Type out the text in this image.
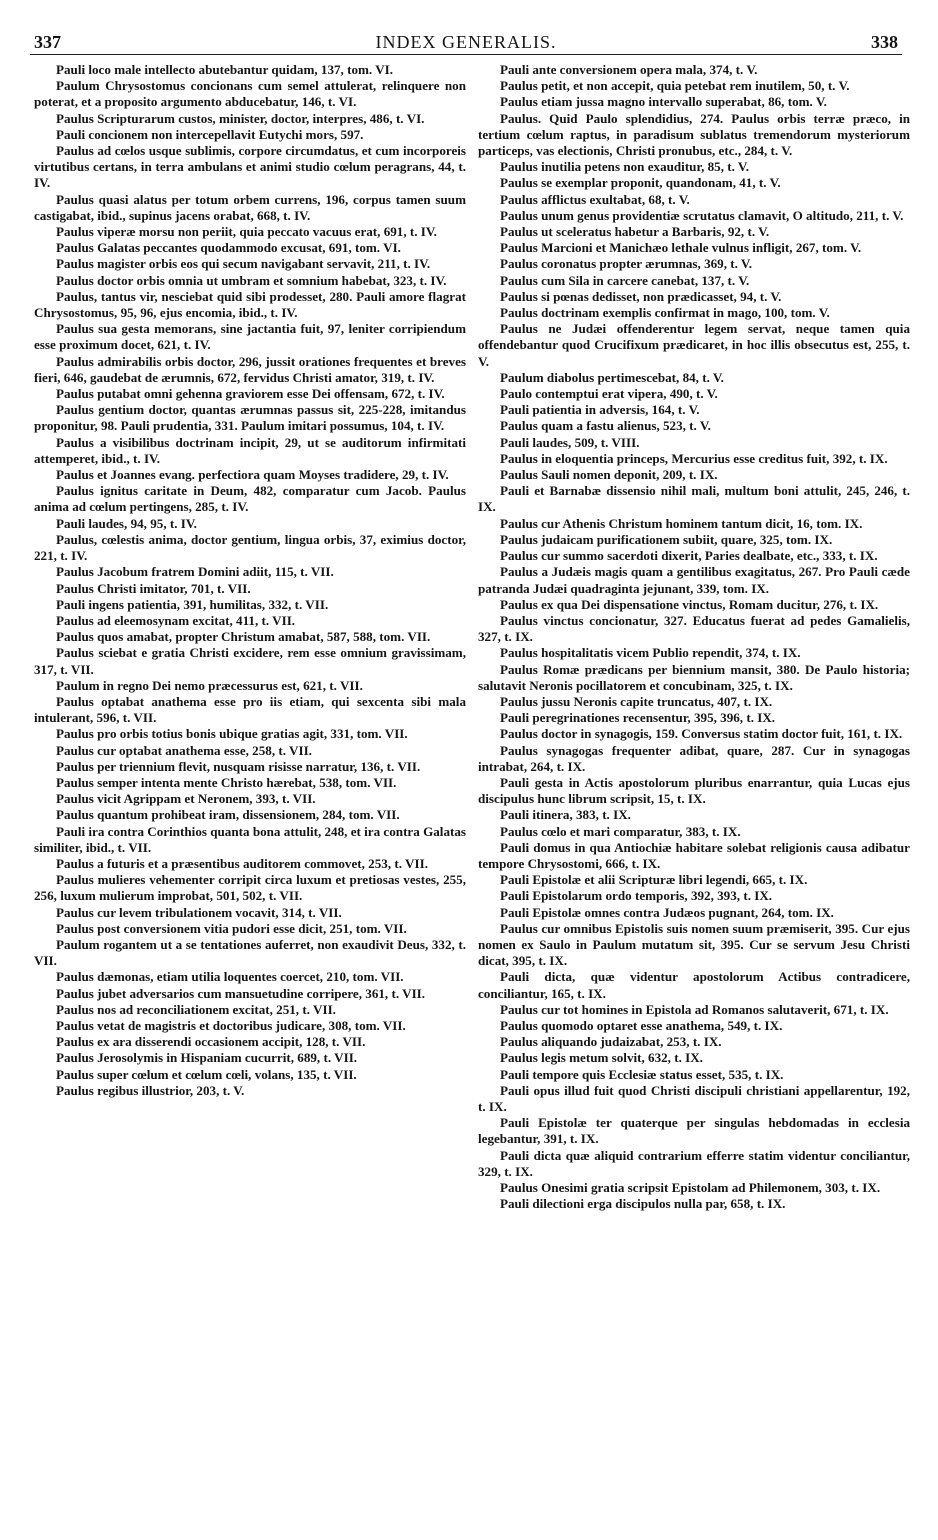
337	INDEX GENERALIS.	338

Pauli loco male intellecto abutebantur quidam, 137, tom. VI.

Paulum Chrysostomus concionans cum semel attulerat, relinquere non poterat, et a proposito argumento abducebatur, 146, t. VI.

Paulus Scripturarum custos, minister, doctor, interpres, 486, t. VI.

Pauli concionem non intercepellavit Eutychi mors, 597.

Paulus ad cœlos usque sublimis, corpore circumdatus, et cum incorporeis virtutibus certans, in terra ambulans et animi studio cœlum peragrans, 44, t. IV.

Paulus quasi alatus per totum orbem currens, 196, corpus tamen suum castigabat, ibid., supinus jacens orabat, 668, t. IV.

Paulus viperæ morsu non periit, quia peccato vacuus erat, 691, t. IV.

Paulus Galatas peccantes quodammodo excusat, 691, tom. VI.

Paulus magister orbis eos qui secum navigabant servavit, 211, t. IV.

Paulus doctor orbis omnia ut umbram et somnium habebat, 323, t. IV.

Paulus, tantus vir, nesciebat quid sibi prodesset, 280. Pauli amore flagrat Chrysostomus, 95, 96, ejus encomia, ibid., t. IV.

Paulus sua gesta memorans, sine jactantia fuit, 97, leniter corripiendum esse proximum docet, 621, t. IV.

Paulus admirabilis orbis doctor, 296, jussit orationes frequentes et breves fieri, 646, gaudebat de ærumnis, 672, fervidus Christi amator, 319, t. IV.

Paulus putabat omni gehenna graviorem esse Dei offensam, 672, t. IV.

Paulus gentium doctor, quantas ærumnas passus sit, 225-228, imitandus proponitur, 98. Pauli prudentia, 331. Paulum imitari possumus, 104, t. IV.

Paulus a visibilibus doctrinam incipit, 29, ut se auditorum infirmitati attemperet, ibid., t. IV.

Paulus et Joannes evang. perfectiora quam Moyses tradidere, 29, t. IV.

Paulus ignitus caritate in Deum, 482, comparatur cum Jacob. Paulus anima ad cœlum pertingens, 285, t. IV.

Pauli laudes, 94, 95, t. IV.

Paulus, cœlestis anima, doctor gentium, lingua orbis, 37, eximius doctor, 221, t. IV.

Paulus Jacobum fratrem Domini adiit, 115, t. VII.

Paulus Christi imitator, 701, t. VII.

Pauli ingens patientia, 391, humilitas, 332, t. VII.

Paulus ad eleemosynam excitat, 411, t. VII.

Paulus quos amabat, propter Christum amabat, 587, 588, tom. VII.

Paulus sciebat e gratia Christi excidere, rem esse omnium gravissimam, 317, t. VII.

Paulum in regno Dei nemo præcessurus est, 621, t. VII.

Paulus optabat anathema esse pro iis etiam, qui sexcenta sibi mala intulerant, 596, t. VII.

Paulus pro orbis totius bonis ubique gratias agit, 331, tom. VII.

Paulus cur optabat anathema esse, 258, t. VII.

Paulus per triennium flevit, nusquam risisse narratur, 136, t. VII.

Paulus semper intenta mente Christo hærebat, 538, tom. VII.

Paulus vicit Agrippam et Neronem, 393, t. VII.

Paulus quantum prohibeat iram, dissensionem, 284, tom. VII.

Pauli ira contra Corinthios quanta bona attulit, 248, et ira contra Galatas similiter, ibid., t. VII.

Paulus a futuris et a præsentibus auditorem commovet, 253, t. VII.

Paulus mulieres vehementer corripit circa luxum et pretiosas vestes, 255, 256, luxum mulierum improbat, 501, 502, t. VII.

Paulus cur levem tribulationem vocavit, 314, t. VII.

Paulus post conversionem vitia pudori esse dicit, 251, tom. VII.

Paulum rogantem ut a se tentationes auferret, non exaudivit Deus, 332, t. VII.

Paulus dæmonas, etiam utilia loquentes coercet, 210, tom. VII.

Paulus jubet adversarios cum mansuetudine corripere, 361, t. VII.

Paulus nos ad reconciliationem excitat, 251, t. VII.

Paulus vetat de magistris et doctoribus judicare, 308, tom. VII.

Paulus ex ara disserendi occasionem accipit, 128, t. VII.

Paulus Jerosolymis in Hispaniam cucurrit, 689, t. VII.

Paulus super cœlum et cœlum cœli, volans, 135, t. VII.

Paulus regibus illustrior, 203, t. V.

Pauli ante conversionem opera mala, 374, t. V.

Paulus petit, et non accepit, quia petebat rem inutilem, 50, t. V.

Paulus etiam jussa magno intervallo superabat, 86, tom. V.

Paulus. Quid Paulo splendidius, 274. Paulus orbis terræ præco, in tertium cœlum raptus, in paradisum sublatus tremendorum mysteriorum particeps, vas electionis, Christi pronubus, etc., 284, t. V.

Paulus inutilia petens non exauditur, 85, t. V.

Paulus se exemplar proponit, quandonam, 41, t. V.

Paulus afflictus exultabat, 68, t. V.

Paulus unum genus providentiæ scrutatus clamavit, O altitudo, 211, t. V.

Paulus ut sceleratus habetur a Barbaris, 92, t. V.

Paulus Marcioni et Manichæo lethale vulnus infligit, 267, tom. V.

Paulus coronatus propter ærumnas, 369, t. V.

Paulus cum Sila in carcere canebat, 137, t. V.

Paulus si pœnas dedisset, non prædicasset, 94, t. V.

Paulus doctrinam exemplis confirmat in mago, 100, tom. V.

Paulus ne Judæi offenderentur legem servat, neque tamen quia offendebantur quod Crucifixum prædicaret, in hoc illis obsecutus est, 255, t. V.

Paulum diabolus pertimescebat, 84, t. V.

Paulo contemptui erat vipera, 490, t. V.

Pauli patientia in adversis, 164, t. V.

Paulus quam a fastu alienus, 523, t. V.

Pauli laudes, 509, t. VIII.

Paulus in eloquentia princeps, Mercurius esse creditus fuit, 392, t. IX.

Paulus Sauli nomen deponit, 209, t. IX.

Pauli et Barnabæ dissensio nihil mali, multum boni attulit, 245, 246, t. IX.

Paulus cur Athenis Christum hominem tantum dicit, 16, tom. IX.

Paulus judaicam purificationem subiit, quare, 325, tom. IX.

Paulus cur summo sacerdoti dixerit, Paries dealbate, etc., 333, t. IX.

Paulus a Judæis magis quam a gentilibus exagitatus, 267. Pro Pauli cæde patranda Judæi quadraginta jejunant, 339, tom. IX.

Paulus ex qua Dei dispensatione vinctus, Romam ducitur, 276, t. IX.

Paulus vinctus concionatur, 327. Educatus fuerat ad pedes Gamalielis, 327, t. IX.

Paulus hospitalitatis vicem Publio rependit, 374, t. IX.

Paulus Romæ prædicans per biennium mansit, 380. De Paulo historia; salutavit Neronis pocillatorem et concubinam, 325, t. IX.

Paulus jussu Neronis capite truncatus, 407, t. IX.

Pauli peregrinationes recensentur, 395, 396, t. IX.

Paulus doctor in synagogis, 159. Conversus statim doctor fuit, 161, t. IX.

Paulus synagogas frequenter adibat, quare, 287. Cur in synagogas intrabat, 264, t. IX.

Pauli gesta in Actis apostolorum pluribus enarrantur, quia Lucas ejus discipulus hunc librum scripsit, 15, t. IX.

Pauli itinera, 383, t. IX.

Paulus cœlo et mari comparatur, 383, t. IX.

Pauli domus in qua Antiochiæ habitare solebat religionis causa adibatur tempore Chrysostomi, 666, t. IX.

Pauli Epistolæ et alii Scripturæ libri legendi, 665, t. IX.

Pauli Epistolarum ordo temporis, 392, 393, t. IX.

Pauli Epistolæ omnes contra Judæos pugnant, 264, tom. IX.

Paulus cur omnibus Epistolis suis nomen suum præmiserit, 395. Cur ejus nomen ex Saulo in Paulum mutatum sit, 395. Cur se servum Jesu Christi dicat, 395, t. IX.

Pauli dicta, quæ videntur apostolorum Actibus contradicere, conciliantur, 165, t. IX.

Paulus cur tot homines in Epistola ad Romanos salutaverit, 671, t. IX.

Paulus quomodo optaret esse anathema, 549, t. IX.

Paulus aliquando judaizabat, 253, t. IX.

Paulus legis metum solvit, 632, t. IX.

Pauli tempore quis Ecclesiæ status esset, 535, t. IX.

Pauli opus illud fuit quod Christi discipuli christiani appellarentur, 192, t. IX.

Pauli Epistolæ ter quaterque per singulas hebdomadas in ecclesia legebantur, 391, t. IX.

Pauli dicta quæ aliquid contrarium efferre statim videntur conciliantur, 329, t. IX.

Paulus Onesimi gratia scripsit Epistolam ad Philemonem, 303, t. IX.

Pauli dilectioni erga discipulos nulla par, 658, t. IX.
